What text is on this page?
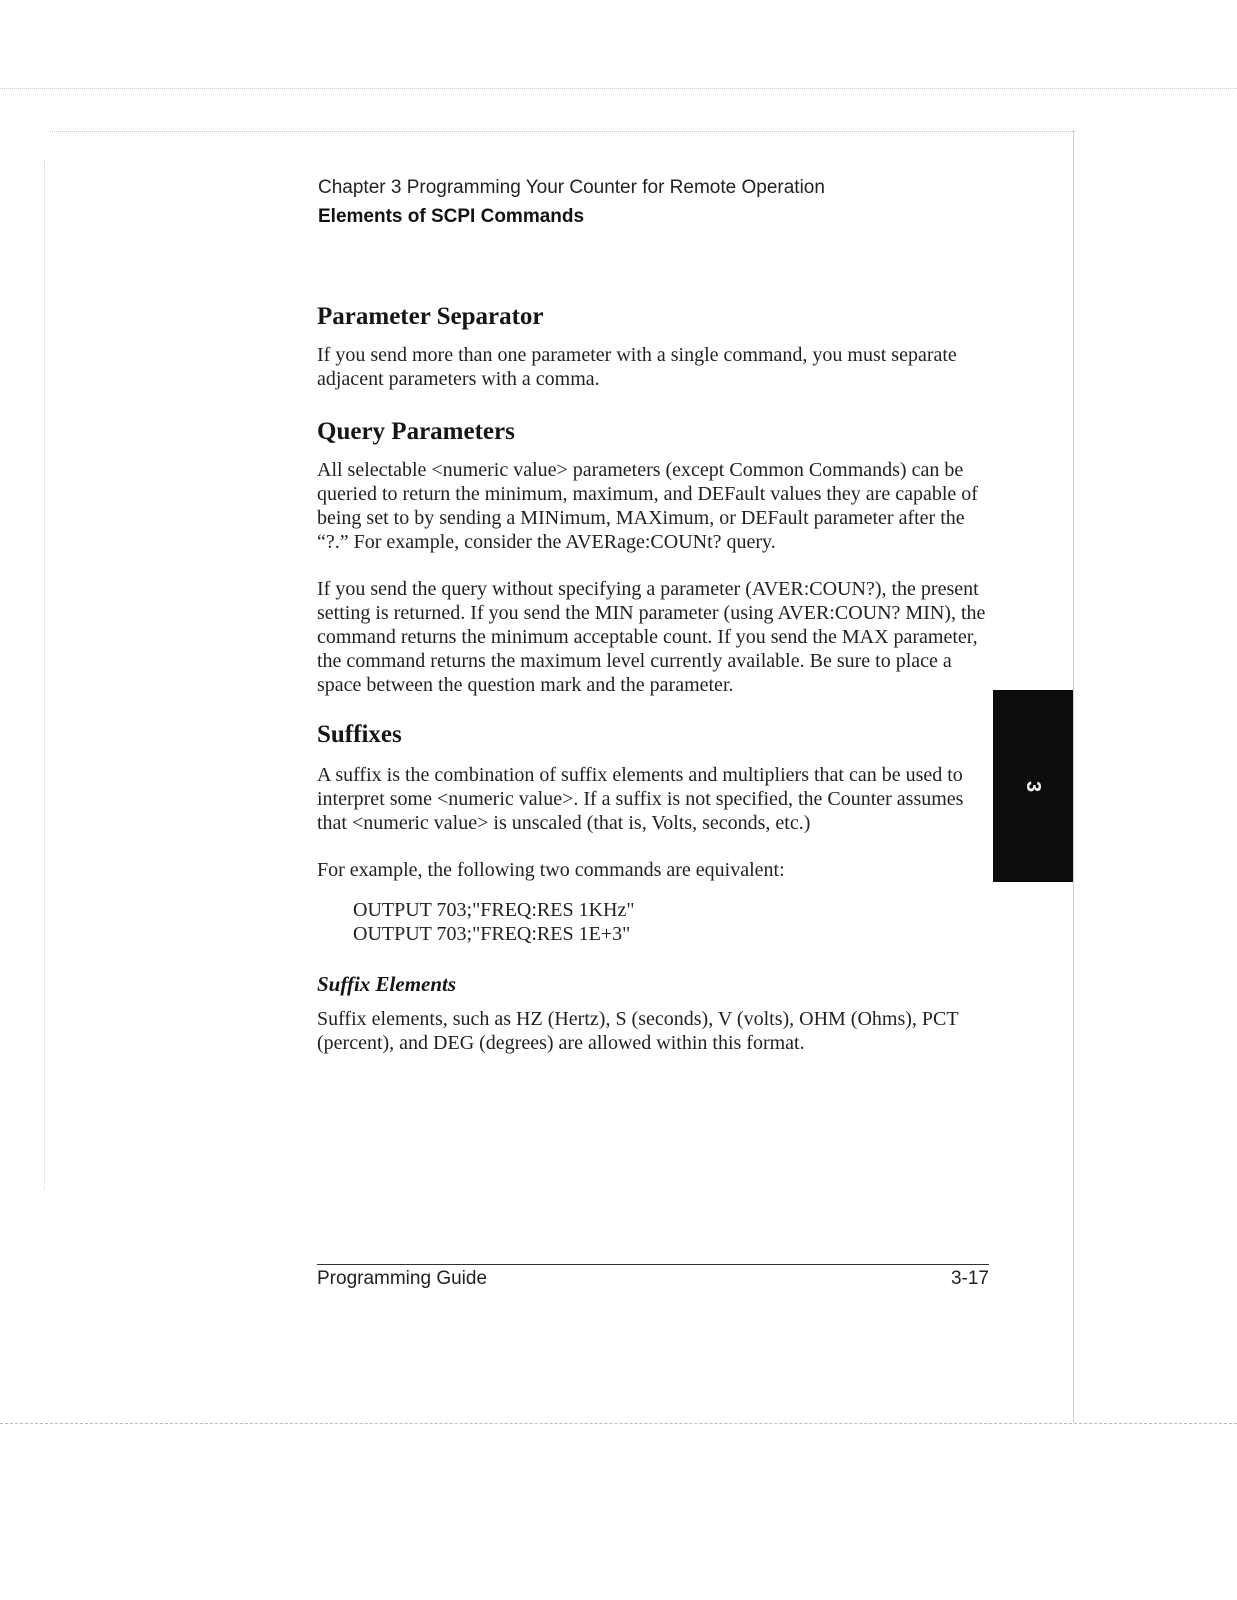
Chapter 3 Programming Your Counter for Remote Operation
Elements of SCPI Commands
Parameter Separator

If you send more than one parameter with a single command, you must separate adjacent parameters with a comma.

Query Parameters

All selectable <numeric value> parameters (except Common Commands) can be queried to return the minimum, maximum, and DEFault values they are capable of being set to by sending a MINimum, MAXimum, or DEFault parameter after the “?.” For example, consider the AVERage:COUNt? query.

If you send the query without specifying a parameter (AVER:COUN?), the present setting is returned. If you send the MIN parameter (using AVER:COUN? MIN), the command returns the minimum acceptable count. If you send the MAX parameter, the command returns the maximum level currently available. Be sure to place a space between the question mark and the parameter.

Suffixes

A suffix is the combination of suffix elements and multipliers that can be used to interpret some <numeric value>. If a suffix is not specified, the Counter assumes that <numeric value> is unscaled (that is, Volts, seconds, etc.)

For example, the following two commands are equivalent:

OUTPUT 703;"FREQ:RES 1KHz"
OUTPUT 703;"FREQ:RES 1E+3"
Suffix Elements

Suffix elements, such as HZ (Hertz), S (seconds), V (volts), OHM (Ohms), PCT (percent), and DEG (degrees) are allowed within this format.

Programming Guide	3-17
3
